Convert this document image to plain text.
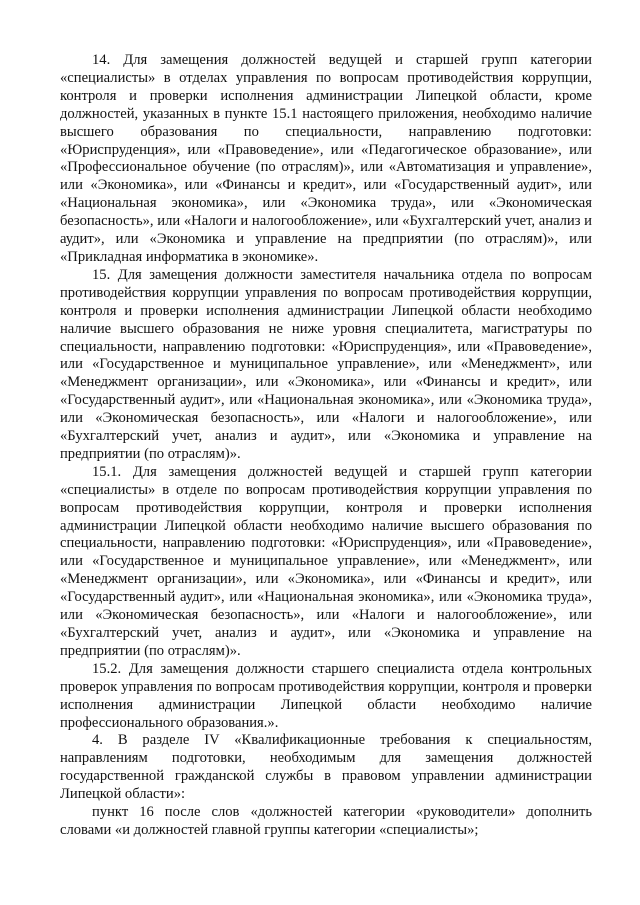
14. Для замещения должностей ведущей и старшей групп категории «специалисты» в отделах управления по вопросам противодействия коррупции, контроля и проверки исполнения администрации Липецкой области, кроме должностей, указанных в пункте 15.1 настоящего приложения, необходимо наличие высшего образования по специальности, направлению подготовки: «Юриспруденция», или «Правоведение», или «Педагогическое образование», или «Профессиональное обучение (по отраслям)», или «Автоматизация и управление», или «Экономика», или «Финансы и кредит», или «Государственный аудит», или «Национальная экономика», или «Экономика труда», или «Экономическая безопасность», или «Налоги и налогообложение», или «Бухгалтерский учет, анализ и аудит», или «Экономика и управление на предприятии (по отраслям)», или «Прикладная информатика в экономике».

15. Для замещения должности заместителя начальника отдела по вопросам противодействия коррупции управления по вопросам противодействия коррупции, контроля и проверки исполнения администрации Липецкой области необходимо наличие высшего образования не ниже уровня специалитета, магистратуры по специальности, направлению подготовки: «Юриспруденция», или «Правоведение», или «Государственное и муниципальное управление», или «Менеджмент», или «Менеджмент организации», или «Экономика», или «Финансы и кредит», или «Государственный аудит», или «Национальная экономика», или «Экономика труда», или «Экономическая безопасность», или «Налоги и налогообложение», или «Бухгалтерский учет, анализ и аудит», или «Экономика и управление на предприятии (по отраслям)».

15.1. Для замещения должностей ведущей и старшей групп категории «специалисты» в отделе по вопросам противодействия коррупции управления по вопросам противодействия коррупции, контроля и проверки исполнения администрации Липецкой области необходимо наличие высшего образования по специальности, направлению подготовки: «Юриспруденция», или «Правоведение», или «Государственное и муниципальное управление», или «Менеджмент», или «Менеджмент организации», или «Экономика», или «Финансы и кредит», или «Государственный аудит», или «Национальная экономика», или «Экономика труда», или «Экономическая безопасность», или «Налоги и налогообложение», или «Бухгалтерский учет, анализ и аудит», или «Экономика и управление на предприятии (по отраслям)».

15.2. Для замещения должности старшего специалиста отдела контрольных проверок управления по вопросам противодействия коррупции, контроля и проверки исполнения администрации Липецкой области необходимо наличие профессионального образования.».

4. В разделе IV «Квалификационные требования к специальностям, направлениям подготовки, необходимым для замещения должностей государственной гражданской службы в правовом управлении администрации Липецкой области»:

пункт 16 после слов «должностей категории «руководители» дополнить словами «и должностей главной группы категории «специалисты»;
